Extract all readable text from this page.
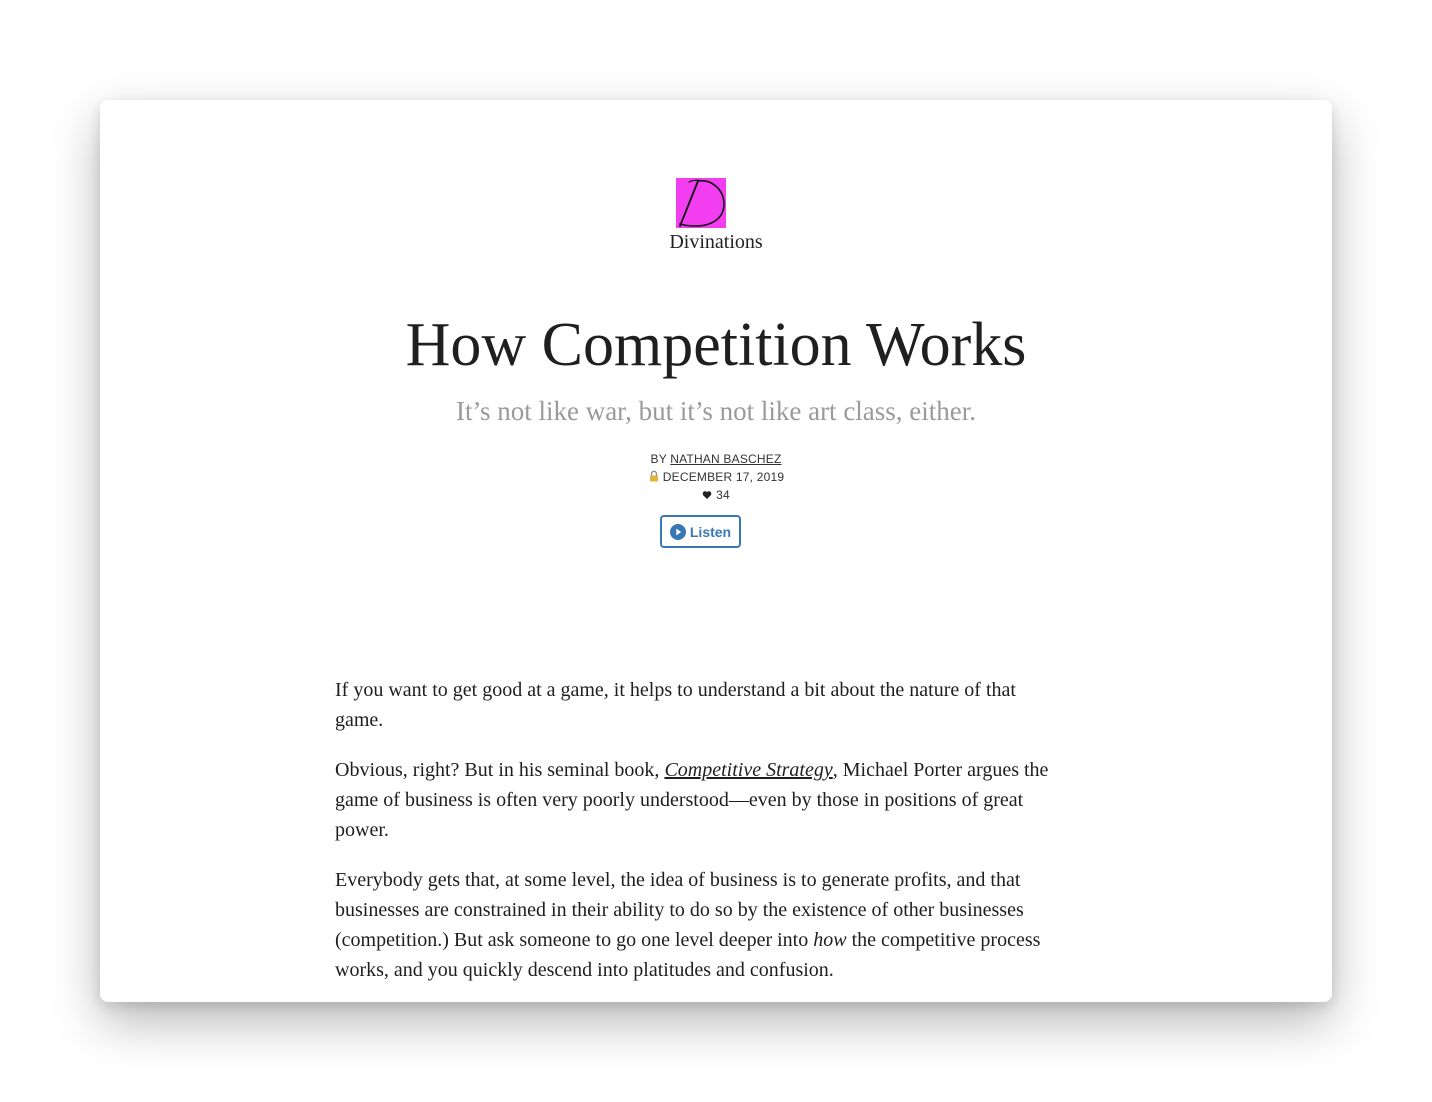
Divinations
How Competition Works
It’s not like war, but it’s not like art class, either.
BY NATHAN BASCHEZ
DECEMBER 17, 2019
34
Listen

If you want to get good at a game, it helps to understand a bit about the nature of that game.

Obvious, right? But in his seminal book, Competitive Strategy, Michael Porter argues the game of business is often very poorly understood—even by those in positions of great power.

Everybody gets that, at some level, the idea of business is to generate profits, and that businesses are constrained in their ability to do so by the existence of other businesses (competition.) But ask someone to go one level deeper into how the competitive process works, and you quickly descend into platitudes and confusion.
